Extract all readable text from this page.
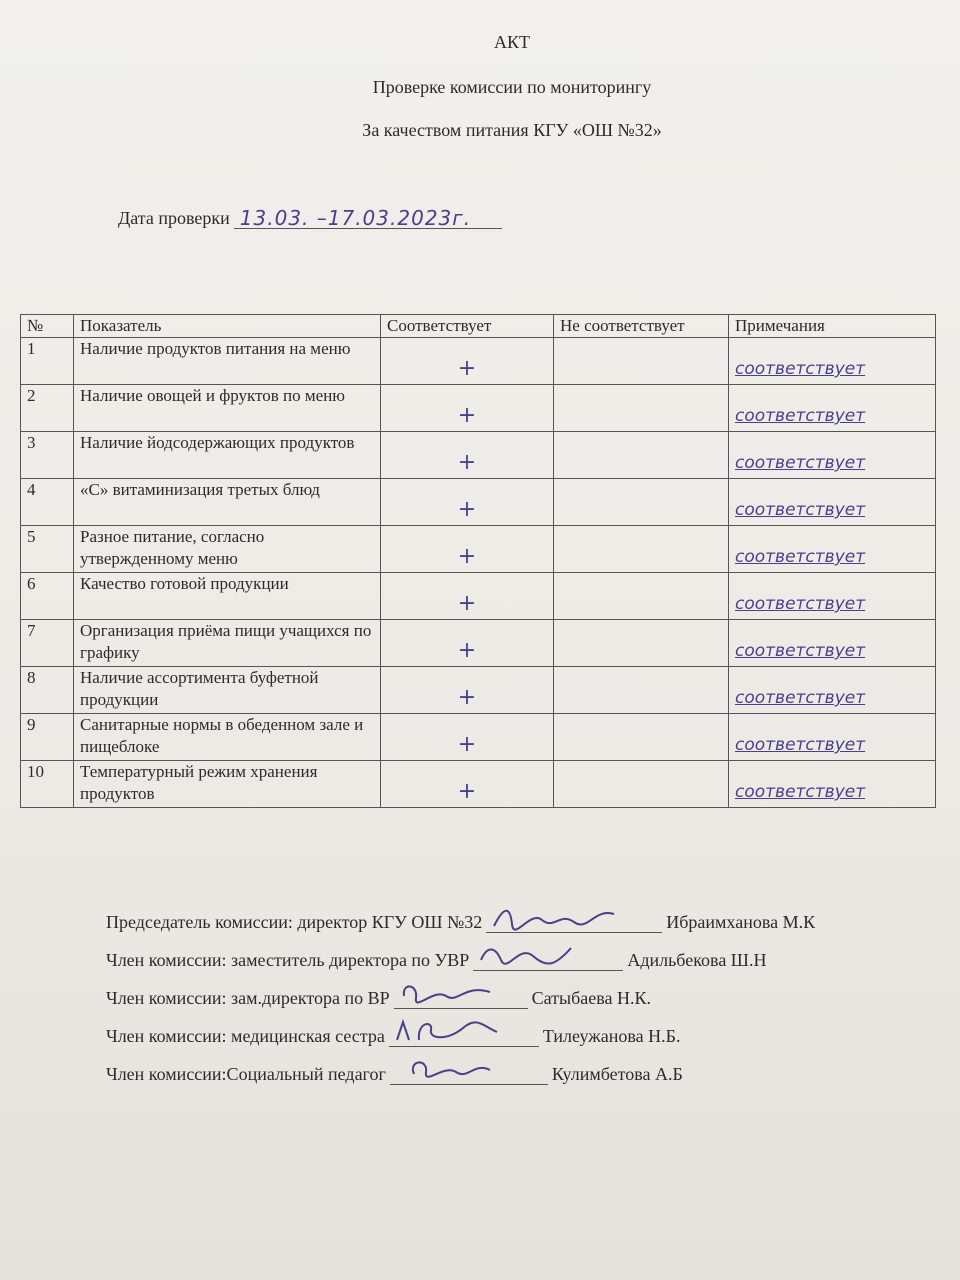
АКТ
Проверке комиссии по мониторингу
За качеством питания КГУ «ОШ №32»
Дата проверки 13.03. –17.03.2023г.
№	Показатель	Соответствует	Не соответствует	Примечания
1	Наличие продуктов питания на меню	+		соответствует

2	Наличие овощей и фруктов по меню	+		соответствует

3	Наличие йодсодержающих продуктов	+		соответствует

4	«С» витаминизация третых блюд	+		соответствует

5	Разное питание, согласно утвержденному меню	+		соответствует

6	Качество готовой продукции	+		соответствует

7	Организация приёма пищи учащихся по графику	+		соответствует

8	Наличие ассортимента буфетной продукции	+		соответствует

9	Санитарные нормы в обеденном зале и пищеблоке	+		соответствует

10	Температурный режим хранения продуктов	+		соответствует
Председатель комиссии: директор КГУ ОШ №32	Ибраимханова М.К
Член комиссии: заместитель директора по УВР	Адильбекова Ш.Н
Член комиссии: зам.директора по ВР	Сатыбаева Н.К.
Член комиссии: медицинская сестра	Тилеужанова Н.Б.
Член комиссии:Социальный педагог	Кулимбетова А.Б
